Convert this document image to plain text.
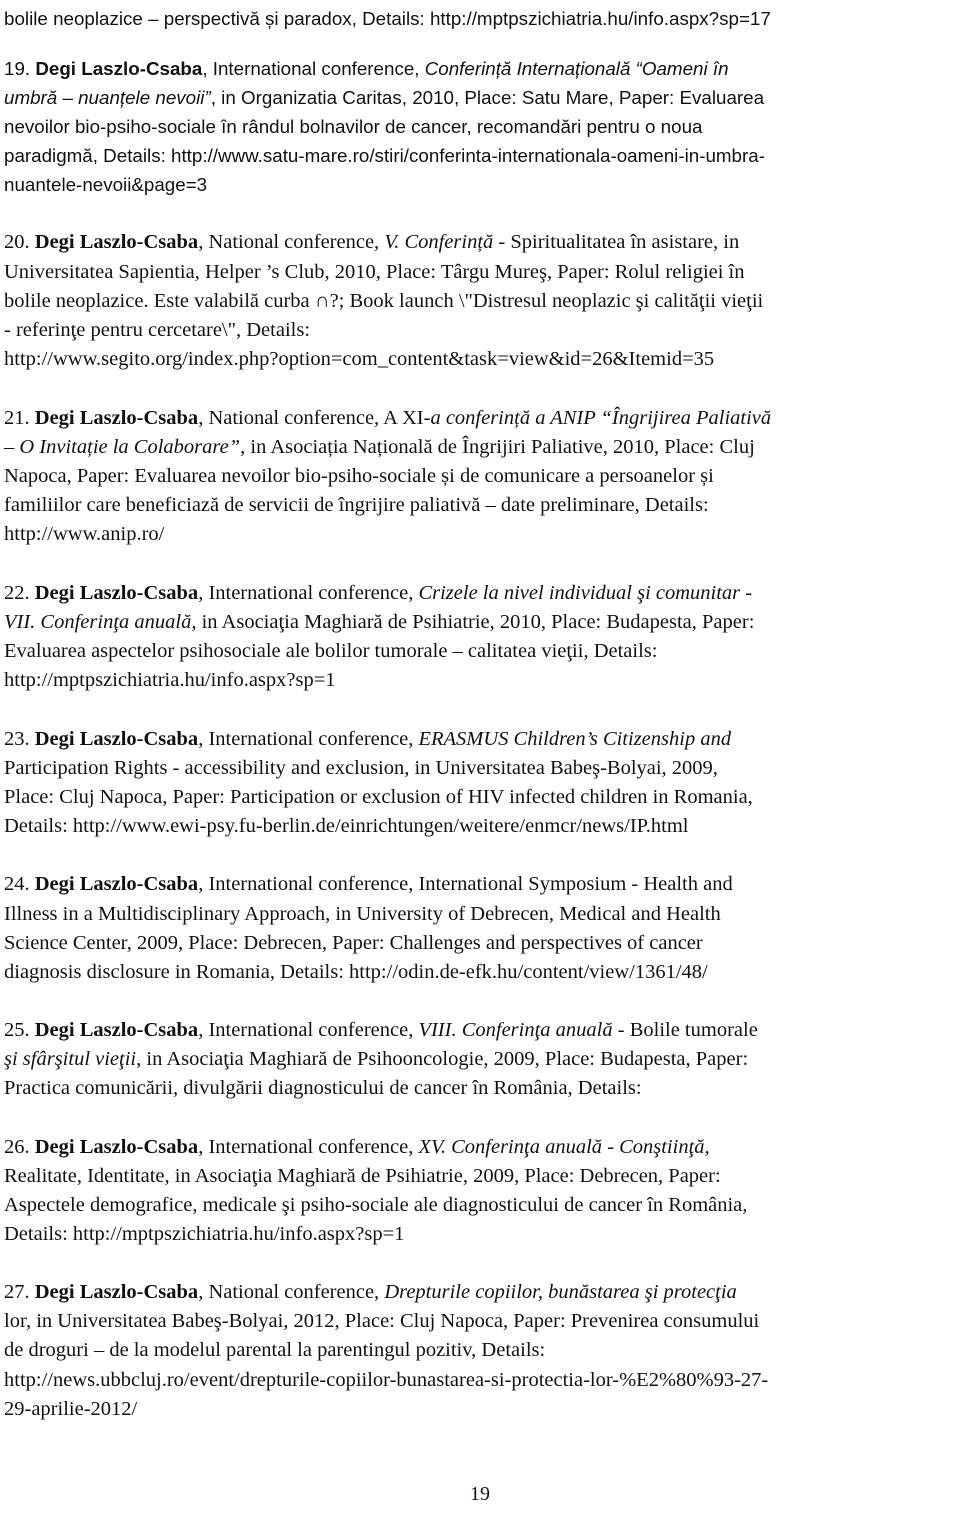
bolile neoplazice – perspectivă și paradox, Details: http://mptpszichiatria.hu/info.aspx?sp=17
19. Degi Laszlo-Csaba, International conference, Conferință Internațională “Oameni în
umbră – nuanțele nevoii”, in Organizatia Caritas, 2010, Place: Satu Mare, Paper: Evaluarea
nevoilor bio-psiho-sociale în rândul bolnavilor de cancer, recomandări pentru o noua
paradigmă, Details: http://www.satu-mare.ro/stiri/conferinta-internationala-oameni-in-umbra-
nuantele-nevoii&page=3
20. Degi Laszlo-Csaba, National conference, V. Conferință - Spiritualitatea în asistare, in
Universitatea Sapientia, Helper ’s Club, 2010, Place: Târgu Mureş, Paper: Rolul religiei în
bolile neoplazice. Este valabilă curba ∩?; Book launch \"Distresul neoplazic şi calităţii vieţii
- referinţe pentru cercetare\", Details:
http://www.segito.org/index.php?option=com_content&task=view&id=26&Itemid=35
21. Degi Laszlo-Csaba, National conference, A XI-a conferință a ANIP “Îngrijirea Paliativă
– O Invitație la Colaborare”, in Asociația Națională de Îngrijiri Paliative, 2010, Place: Cluj
Napoca, Paper: Evaluarea nevoilor bio-psiho-sociale și de comunicare a persoanelor și
familiilor care beneficiază de servicii de îngrijire paliativă – date preliminare, Details:
http://www.anip.ro/
22. Degi Laszlo-Csaba, International conference, Crizele la nivel individual şi comunitar -
VII. Conferinţa anuală, in Asociaţia Maghiară de Psihiatrie, 2010, Place: Budapesta, Paper:
Evaluarea aspectelor psihosociale ale bolilor tumorale – calitatea vieţii, Details:
http://mptpszichiatria.hu/info.aspx?sp=1
23. Degi Laszlo-Csaba, International conference, ERASMUS Children’s Citizenship and
Participation Rights - accessibility and exclusion, in Universitatea Babeş-Bolyai, 2009,
Place: Cluj Napoca, Paper: Participation or exclusion of HIV infected children in Romania,
Details: http://www.ewi-psy.fu-berlin.de/einrichtungen/weitere/enmcr/news/IP.html
24. Degi Laszlo-Csaba, International conference, International Symposium - Health and
Illness in a Multidisciplinary Approach, in University of Debrecen, Medical and Health
Science Center, 2009, Place: Debrecen, Paper: Challenges and perspectives of cancer
diagnosis disclosure in Romania, Details: http://odin.de-efk.hu/content/view/1361/48/
25. Degi Laszlo-Csaba, International conference, VIII. Conferinţa anuală - Bolile tumorale
şi sfârşitul vieţii, in Asociaţia Maghiară de Psihooncologie, 2009, Place: Budapesta, Paper:
Practica comunicării, divulgării diagnosticului de cancer în România, Details:
26. Degi Laszlo-Csaba, International conference, XV. Conferinţa anuală - Conştiinţă,
Realitate, Identitate, in Asociaţia Maghiară de Psihiatrie, 2009, Place: Debrecen, Paper:
Aspectele demografice, medicale şi psiho-sociale ale diagnosticului de cancer în România,
Details: http://mptpszichiatria.hu/info.aspx?sp=1
27. Degi Laszlo-Csaba, National conference, Drepturile copiilor, bunăstarea şi protecţia
lor, in Universitatea Babeş-Bolyai, 2012, Place: Cluj Napoca, Paper: Prevenirea consumului
de droguri – de la modelul parental la parentingul pozitiv, Details:
http://news.ubbcluj.ro/event/drepturile-copiilor-bunastarea-si-protectia-lor-%E2%80%93-27-
29-aprilie-2012/
19
